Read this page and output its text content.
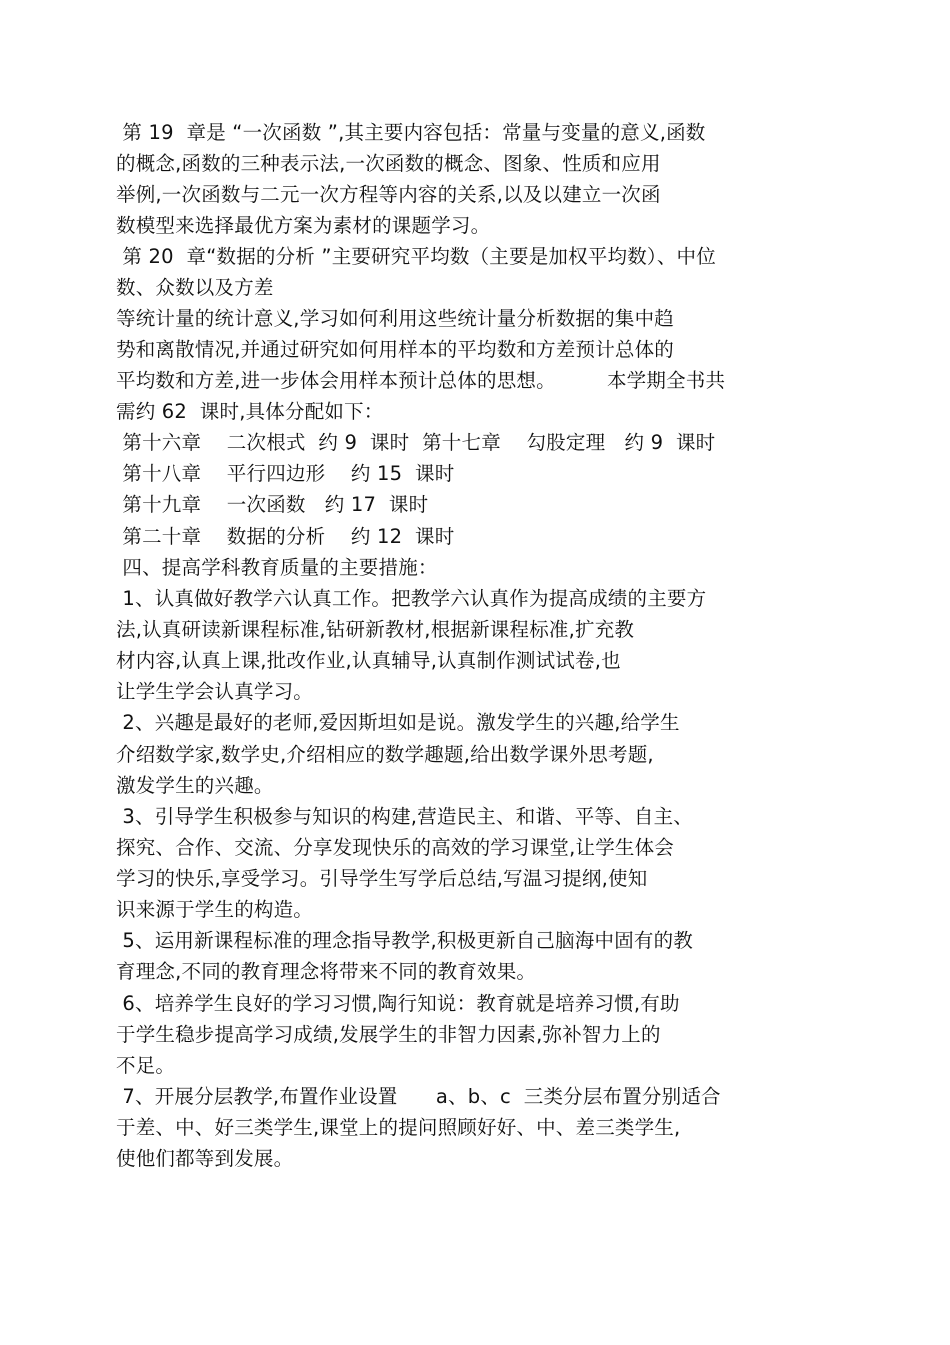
第 19  章是 “一次函数 ”,其主要内容包括：常量与变量的意义,函数
的概念,函数的三种表示法,一次函数的概念、图象、性质和应用
举例,一次函数与二元一次方程等内容的关系,以及以建立一次函
数模型来选择最优方案为素材的课题学习。
第 20  章“数据的分析 ”主要研究平均数（主要是加权平均数）、中位
数、众数以及方差
等统计量的统计意义,学习如何利用这些统计量分析数据的集中趋
势和离散情况,并通过研究如何用样本的平均数和方差预计总体的
平均数和方差,进一步体会用样本预计总体的思想。        本学期全书共
需约 62  课时,具体分配如下：
第十六章    二次根式  约 9  课时  第十七章    勾股定理   约 9  课时
第十八章    平行四边形    约 15  课时
第十九章    一次函数   约 17  课时
第二十章    数据的分析    约 12  课时
四、提高学科教育质量的主要措施：
1、认真做好教学六认真工作。把教学六认真作为提高成绩的主要方
法,认真研读新课程标准,钻研新教材,根据新课程标准,扩充教
材内容,认真上课,批改作业,认真辅导,认真制作测试试卷,也
让学生学会认真学习。
2、兴趣是最好的老师,爱因斯坦如是说。激发学生的兴趣,给学生
介绍数学家,数学史,介绍相应的数学趣题,给出数学课外思考题,
激发学生的兴趣。
3、引导学生积极参与知识的构建,营造民主、和谐、平等、自主、
探究、合作、交流、分享发现快乐的高效的学习课堂,让学生体会
学习的快乐,享受学习。引导学生写学后总结,写温习提纲,使知
识来源于学生的构造。
5、运用新课程标准的理念指导教学,积极更新自己脑海中固有的教
育理念,不同的教育理念将带来不同的教育效果。
6、培养学生良好的学习习惯,陶行知说：教育就是培养习惯,有助
于学生稳步提高学习成绩,发展学生的非智力因素,弥补智力上的
不足。
7、开展分层教学,布置作业设置      a、b、c  三类分层布置分别适合
于差、中、好三类学生,课堂上的提问照顾好好、中、差三类学生,
使他们都等到发展。
